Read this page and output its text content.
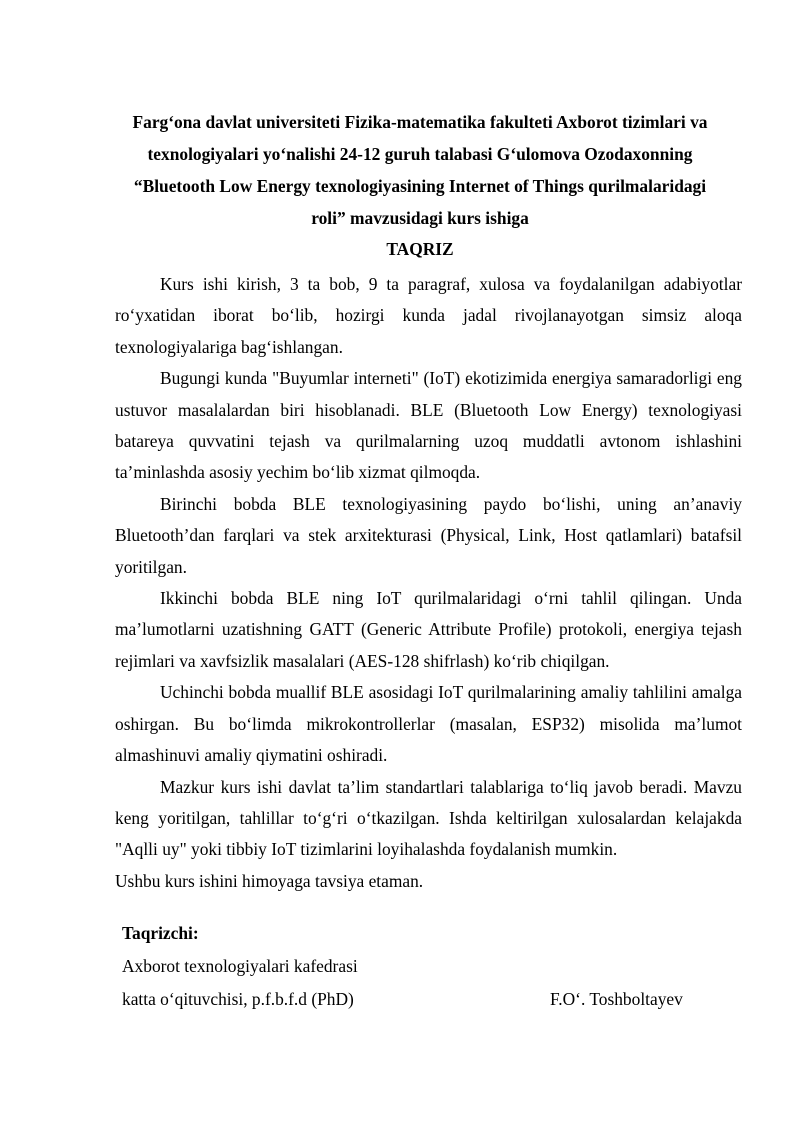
Farg‘ona davlat universiteti Fizika-matematika fakulteti Axborot tizimlari va
texnologiyalari yo‘nalishi 24-12 guruh talabasi G‘ulomova Ozodaxonning
“Bluetooth Low Energy texnologiyasining Internet of Things qurilmalaridagi
roli” mavzusidagi kurs ishiga
TAQRIZ

Kurs ishi kirish, 3 ta bob, 9 ta paragraf, xulosa va foydalanilgan adabiyotlar ro‘yxatidan iborat bo‘lib, hozirgi kunda jadal rivojlanayotgan simsiz aloqa texnologiyalariga bag‘ishlangan.

Bugungi kunda "Buyumlar interneti" (IoT) ekotizimida energiya samaradorligi eng ustuvor masalalardan biri hisoblanadi. BLE (Bluetooth Low Energy) texnologiyasi batareya quvvatini tejash va qurilmalarning uzoq muddatli avtonom ishlashini ta’minlashda asosiy yechim bo‘lib xizmat qilmoqda.

Birinchi bobda BLE texnologiyasining paydo bo‘lishi, uning an’anaviy Bluetooth’dan farqlari va stek arxitekturasi (Physical, Link, Host qatlamlari) batafsil yoritilgan.

Ikkinchi bobda BLE ning IoT qurilmalaridagi o‘rni tahlil qilingan. Unda ma’lumotlarni uzatishning GATT (Generic Attribute Profile) protokoli, energiya tejash rejimlari va xavfsizlik masalalari (AES-128 shifrlash) ko‘rib chiqilgan.

Uchinchi bobda muallif BLE asosidagi IoT qurilmalarining amaliy tahlilini amalga oshirgan. Bu bo‘limda mikrokontrollerlar (masalan, ESP32) misolida ma’lumot almashinuvi amaliy qiymatini oshiradi.

Mazkur kurs ishi davlat ta’lim standartlari talablariga to‘liq javob beradi. Mavzu keng yoritilgan, tahlillar to‘g‘ri o‘tkazilgan. Ishda keltirilgan xulosalardan kelajakda "Aqlli uy" yoki tibbiy IoT tizimlarini loyihalashda foydalanish mumkin.

Ushbu kurs ishini himoyaga tavsiya etaman.

Taqrizchi:
Axborot texnologiyalari kafedrasi
katta o‘qituvchisi, p.f.b.f.d (PhD)	F.O‘. Toshboltayev
